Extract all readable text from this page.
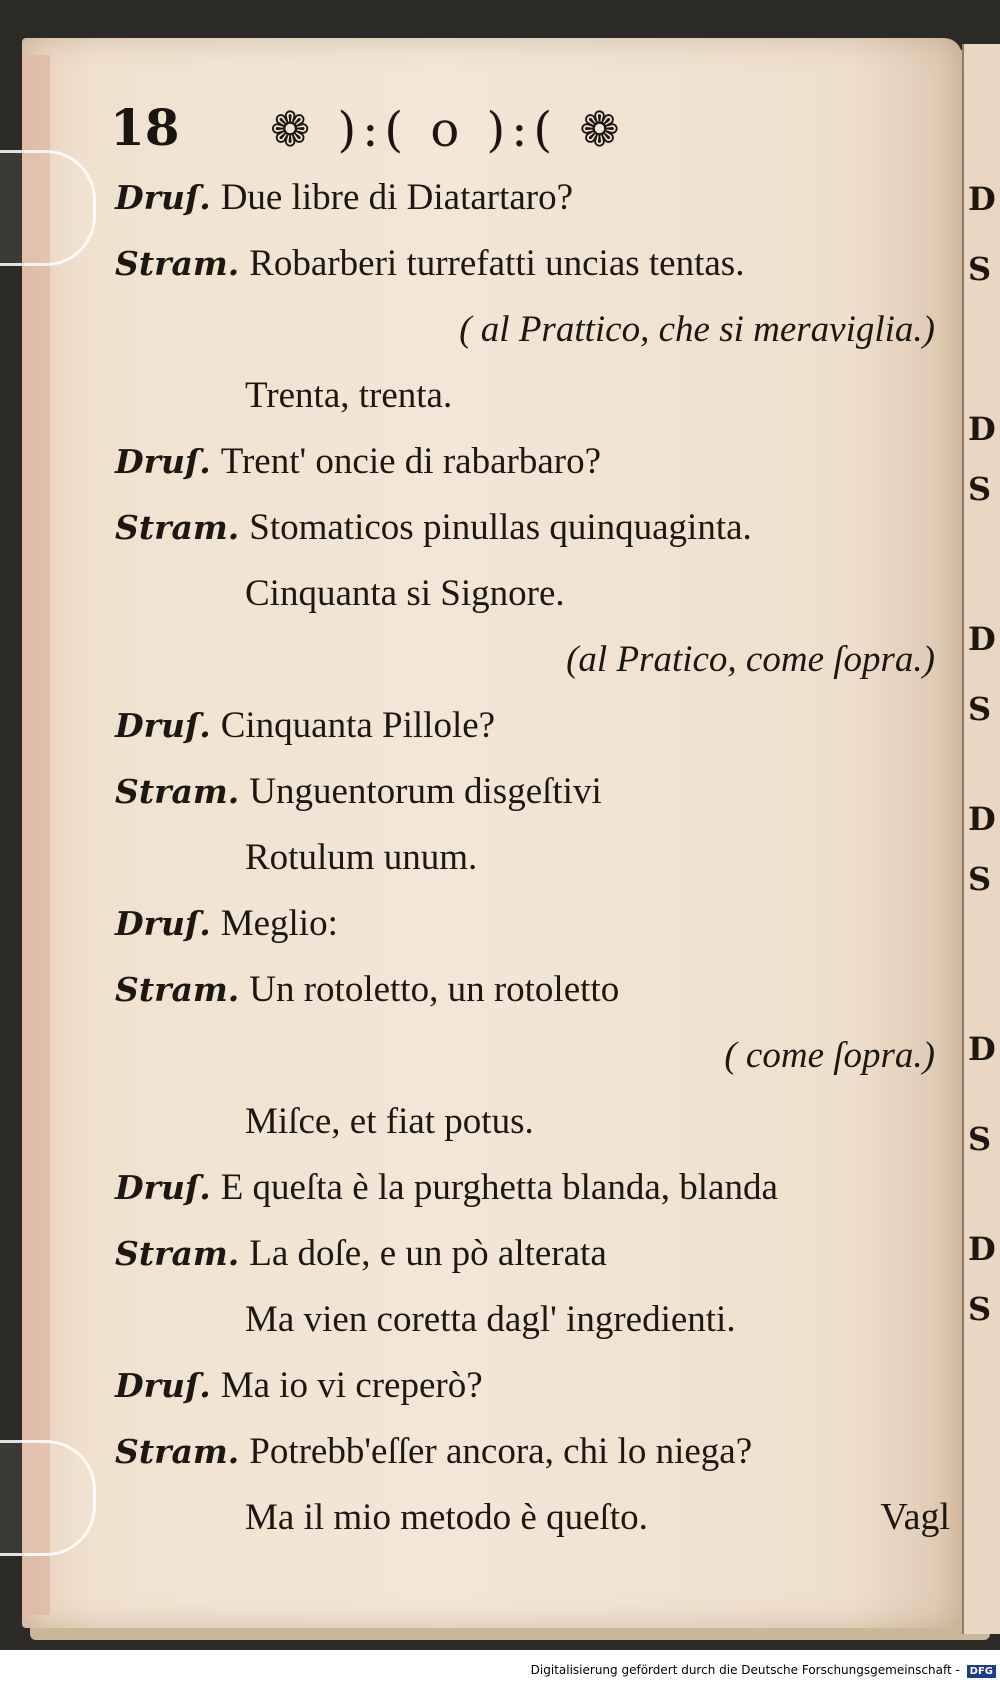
18 ❁ ):( o ):( ❁
Druſ. Due libre di Diatartaro?
Stram. Robarberi turrefatti uncias tentas.
( al Prattico, che si meraviglia.)
Trenta, trenta.
Druſ. Trent' oncie di rabarbaro?
Stram. Stomaticos pinullas quinquaginta.
Cinquanta si Signore.
(al Pratico, come ſopra.)
Druſ. Cinquanta Pillole?
Stram. Unguentorum disgeſtivi
Rotulum unum.
Druſ. Meglio:
Stram. Un rotoletto, un rotoletto
( come ſopra.)
Miſce, et fiat potus.
Druſ. E queſta è la purghetta blanda, blanda
Stram. La doſe, e un pò alterata
Ma vien coretta dagl' ingredienti.
Druſ. Ma io vi creperò?
Stram. Potrebb'eſſer ancora, chi lo niega?
Ma il mio metodo è queſto.
D
S
D
S
D
S
D
S
D
S
D
S
Vagl
Digitalisierung gefördert durch die Deutsche Forschungsgemeinschaft - DFG
